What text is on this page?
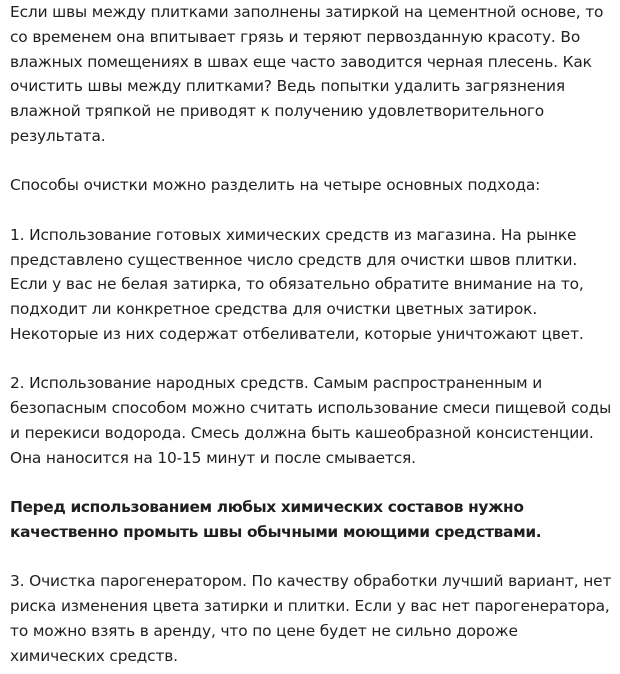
Если швы между плитками заполнены затиркой на цементной основе, то со временем она впитывает грязь и теряют первозданную красоту. Во влажных помещениях в швах еще часто заводится черная плесень. Как очистить швы между плитками? Ведь попытки удалить загрязнения влажной тряпкой не приводят к получению удовлетворительного результата.

Способы очистки можно разделить на четыре основных подхода:

1. Использование готовых химических средств из магазина. На рынке представлено существенное число средств для очистки швов плитки. Если у вас не белая затирка, то обязательно обратите внимание на то, подходит ли конкретное средства для очистки цветных затирок. Некоторые из них содержат отбеливатели, которые уничтожают цвет.

2. Использование народных средств. Самым распространенным и безопасным способом можно считать использование смеси пищевой соды и перекиси водорода. Смесь должна быть кашеобразной консистенции. Она наносится на 10-15 минут и после смывается.

Перед использованием любых химических составов нужно качественно промыть швы обычными моющими средствами.

3. Очистка парогенератором. По качеству обработки лучший вариант, нет риска изменения цвета затирки и плитки. Если у вас нет парогенератора, то можно взять в аренду, что по цене будет не сильно дороже химических средств.
